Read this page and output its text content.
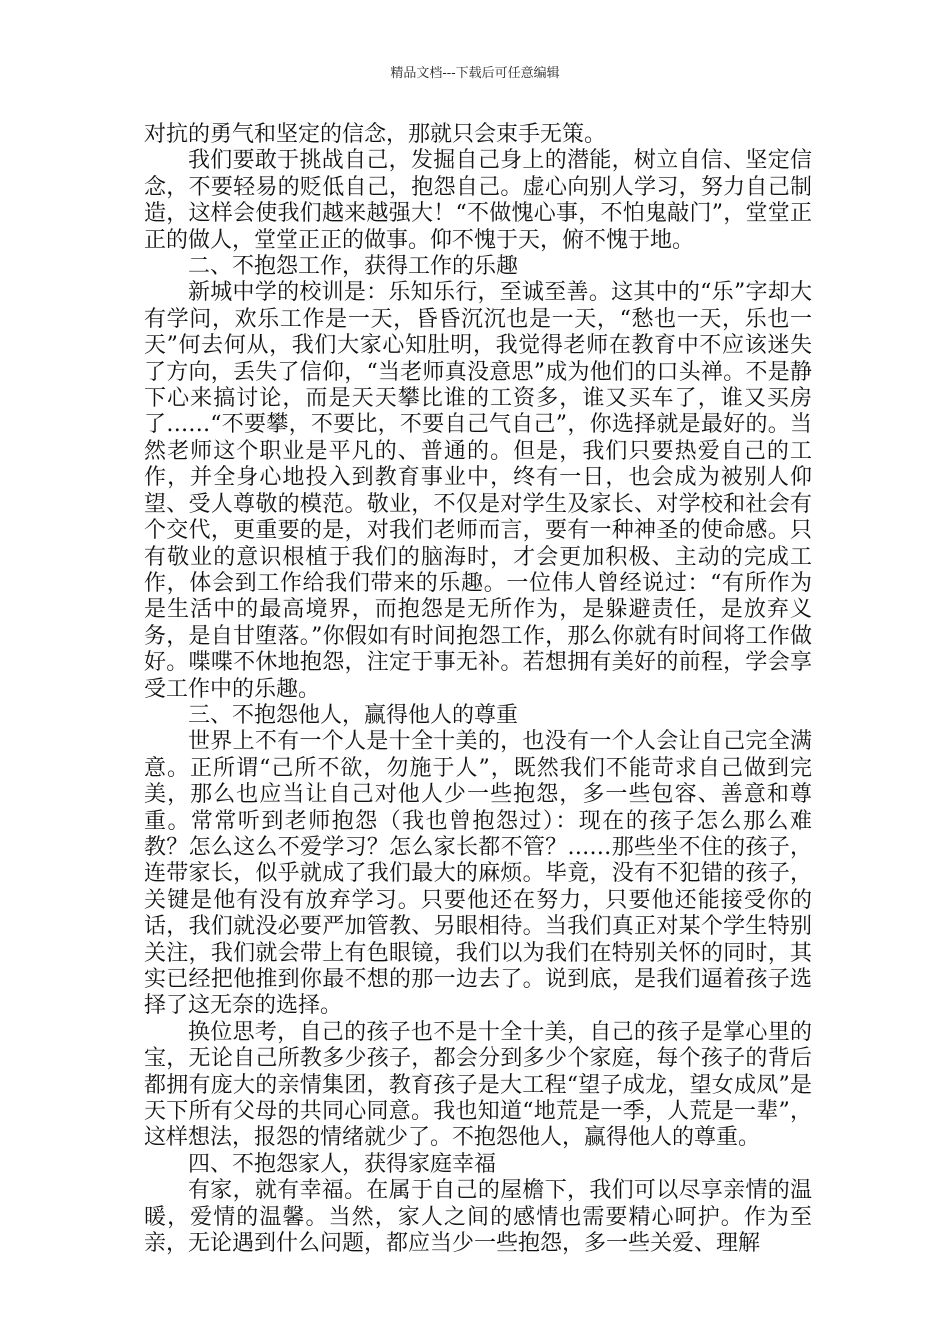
精品文档---下载后可任意编辑

对抗的勇气和坚定的信念，那就只会束手无策。

我们要敢于挑战自己，发掘自己身上的潜能，树立自信、坚定信念，不要轻易的贬低自己，抱怨自己。虚心向别人学习，努力自己制造，这样会使我们越来越强大！“不做愧心事，不怕鬼敲门”，堂堂正正的做人，堂堂正正的做事。仰不愧于天，俯不愧于地。

二、不抱怨工作，获得工作的乐趣

新城中学的校训是：乐知乐行，至诚至善。这其中的“乐”字却大有学问，欢乐工作是一天，昏昏沉沉也是一天，“愁也一天，乐也一天”何去何从，我们大家心知肚明，我觉得老师在教育中不应该迷失了方向，丢失了信仰，“当老师真没意思”成为他们的口头禅。不是静下心来搞讨论，而是天天攀比谁的工资多，谁又买车了，谁又买房了……“不要攀，不要比，不要自己气自己”，你选择就是最好的。当然老师这个职业是平凡的、普通的。但是，我们只要热爱自己的工作，并全身心地投入到教育事业中，终有一日，也会成为被别人仰望、受人尊敬的模范。敬业，不仅是对学生及家长、对学校和社会有个交代，更重要的是，对我们老师而言，要有一种神圣的使命感。只有敬业的意识根植于我们的脑海时，才会更加积极、主动的完成工作，体会到工作给我们带来的乐趣。一位伟人曾经说过：“有所作为是生活中的最高境界，而抱怨是无所作为，是躲避责任，是放弃义务，是自甘堕落。”你假如有时间抱怨工作，那么你就有时间将工作做好。喋喋不休地抱怨，注定于事无补。若想拥有美好的前程，学会享受工作中的乐趣。

三、不抱怨他人，赢得他人的尊重

世界上不有一个人是十全十美的，也没有一个人会让自己完全满意。正所谓“己所不欲，勿施于人”，既然我们不能苛求自己做到完美，那么也应当让自己对他人少一些抱怨，多一些包容、善意和尊重。常常听到老师抱怨（我也曾抱怨过）：现在的孩子怎么那么难教？怎么这么不爱学习？怎么家长都不管？……那些坐不住的孩子，连带家长，似乎就成了我们最大的麻烦。毕竟，没有不犯错的孩子，关键是他有没有放弃学习。只要他还在努力，只要他还能接受你的话，我们就没必要严加管教、另眼相待。当我们真正对某个学生特别关注，我们就会带上有色眼镜，我们以为我们在特别关怀的同时，其实已经把他推到你最不想的那一边去了。说到底，是我们逼着孩子选择了这无奈的选择。

换位思考，自己的孩子也不是十全十美，自己的孩子是掌心里的宝，无论自己所教多少孩子，都会分到多少个家庭，每个孩子的背后都拥有庞大的亲情集团，教育孩子是大工程“望子成龙，望女成凤”是天下所有父母的共同心同意。我也知道“地荒是一季，人荒是一辈”，这样想法，报怨的情绪就少了。不抱怨他人，赢得他人的尊重。

四、不抱怨家人，获得家庭幸福

有家，就有幸福。在属于自己的屋檐下，我们可以尽享亲情的温暖，爱情的温馨。当然，家人之间的感情也需要精心呵护。作为至亲，无论遇到什么问题，都应当少一些抱怨，多一些关爱、理解
